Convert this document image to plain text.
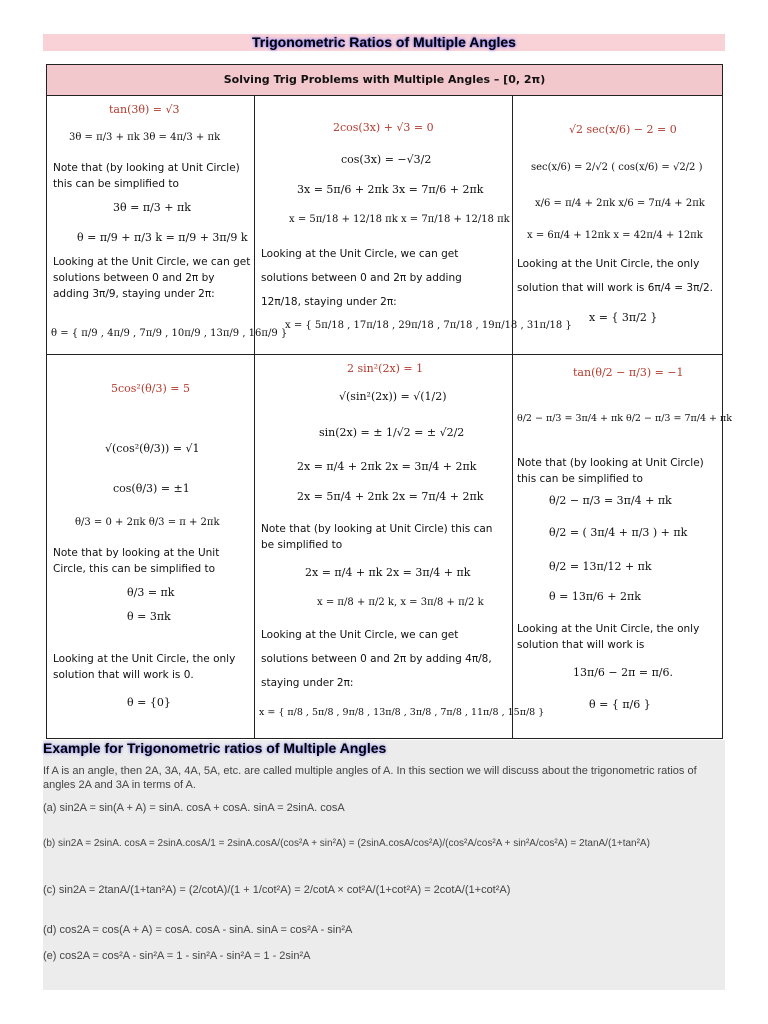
Trigonometric Ratios of Multiple Angles
Solving Trig Problems with Multiple Angles – [0, 2π)
tan(3θ) = √3
3θ = π/3 + πk 3θ = 4π/3 + πk
Note that (by looking at Unit Circle) this can be simplified to
3θ = π/3 + πk
θ = π/9 + π/3 k = π/9 + 3π/9 k
Looking at the Unit Circle, we can get solutions between 0 and 2π by adding 3π/9, staying under 2π:
θ = { π/9 , 4π/9 , 7π/9 , 10π/9 , 13π/9 , 16π/9 }
2cos(3x) + √3 = 0
cos(3x) = −√3/2
3x = 5π/6 + 2πk 3x = 7π/6 + 2πk
x = 5π/18 + 12/18 πk x = 7π/18 + 12/18 πk
Looking at the Unit Circle, we can get solutions between 0 and 2π by adding 12π/18, staying under 2π:
x = { 5π/18 , 17π/18 , 29π/18 , 7π/18 , 19π/18 , 31π/18 }
√2 sec(x/6) − 2 = 0
sec(x/6) = 2/√2 ( cos(x/6) = √2/2 )
x/6 = π/4 + 2πk x/6 = 7π/4 + 2πk
x = 6π/4 + 12πk x = 42π/4 + 12πk
Looking at the Unit Circle, the only solution that will work is 6π/4 = 3π/2.
x = { 3π/2 }
5cos²(θ/3) = 5
√(cos²(θ/3)) = √1
cos(θ/3) = ±1
θ/3 = 0 + 2πk θ/3 = π + 2πk
Note that by looking at the Unit Circle, this can be simplified to
θ/3 = πk
θ = 3πk
Looking at the Unit Circle, the only solution that will work is 0.
θ = {0}
2 sin²(2x) = 1
√(sin²(2x)) = √(1/2)
sin(2x) = ± 1/√2 = ± √2/2
2x = π/4 + 2πk 2x = 3π/4 + 2πk
2x = 5π/4 + 2πk 2x = 7π/4 + 2πk
Note that (by looking at Unit Circle) this can be simplified to
2x = π/4 + πk 2x = 3π/4 + πk
x = π/8 + π/2 k, x = 3π/8 + π/2 k
Looking at the Unit Circle, we can get solutions between 0 and 2π by adding 4π/8, staying under 2π:
x = { π/8 , 5π/8 , 9π/8 , 13π/8 , 3π/8 , 7π/8 , 11π/8 , 15π/8 }
tan(θ/2 − π/3) = −1
θ/2 − π/3 = 3π/4 + πk θ/2 − π/3 = 7π/4 + πk
Note that (by looking at Unit Circle) this can be simplified to
θ/2 − π/3 = 3π/4 + πk
θ/2 = ( 3π/4 + π/3 ) + πk
θ/2 = 13π/12 + πk
θ = 13π/6 + 2πk
Looking at the Unit Circle, the only solution that will work is
13π/6 − 2π = π/6.
θ = { π/6 }
Example for Trigonometric ratios of Multiple Angles
If A is an angle, then 2A, 3A, 4A, 5A, etc. are called multiple angles of A. In this section we will discuss about the trigonometric ratios of angles 2A and 3A in terms of A.
(a) sin2A = sin(A + A) = sinA. cosA + cosA. sinA = 2sinA. cosA
(b) sin2A = 2sinA. cosA = 2sinA.cosA/1 = 2sinA.cosA/(cos²A + sin²A) = (2sinA.cosA/cos²A)/(cos²A/cos²A + sin²A/cos²A) = 2tanA/(1+tan²A)
(c) sin2A = 2tanA/(1+tan²A) = (2/cotA)/(1 + 1/cot²A) = 2/cotA × cot²A/(1+cot²A) = 2cotA/(1+cot²A)
(d) cos2A = cos(A + A) = cosA. cosA - sinA. sinA = cos²A - sin²A
(e) cos2A = cos²A - sin²A = 1 - sin²A - sin²A = 1 - 2sin²A
